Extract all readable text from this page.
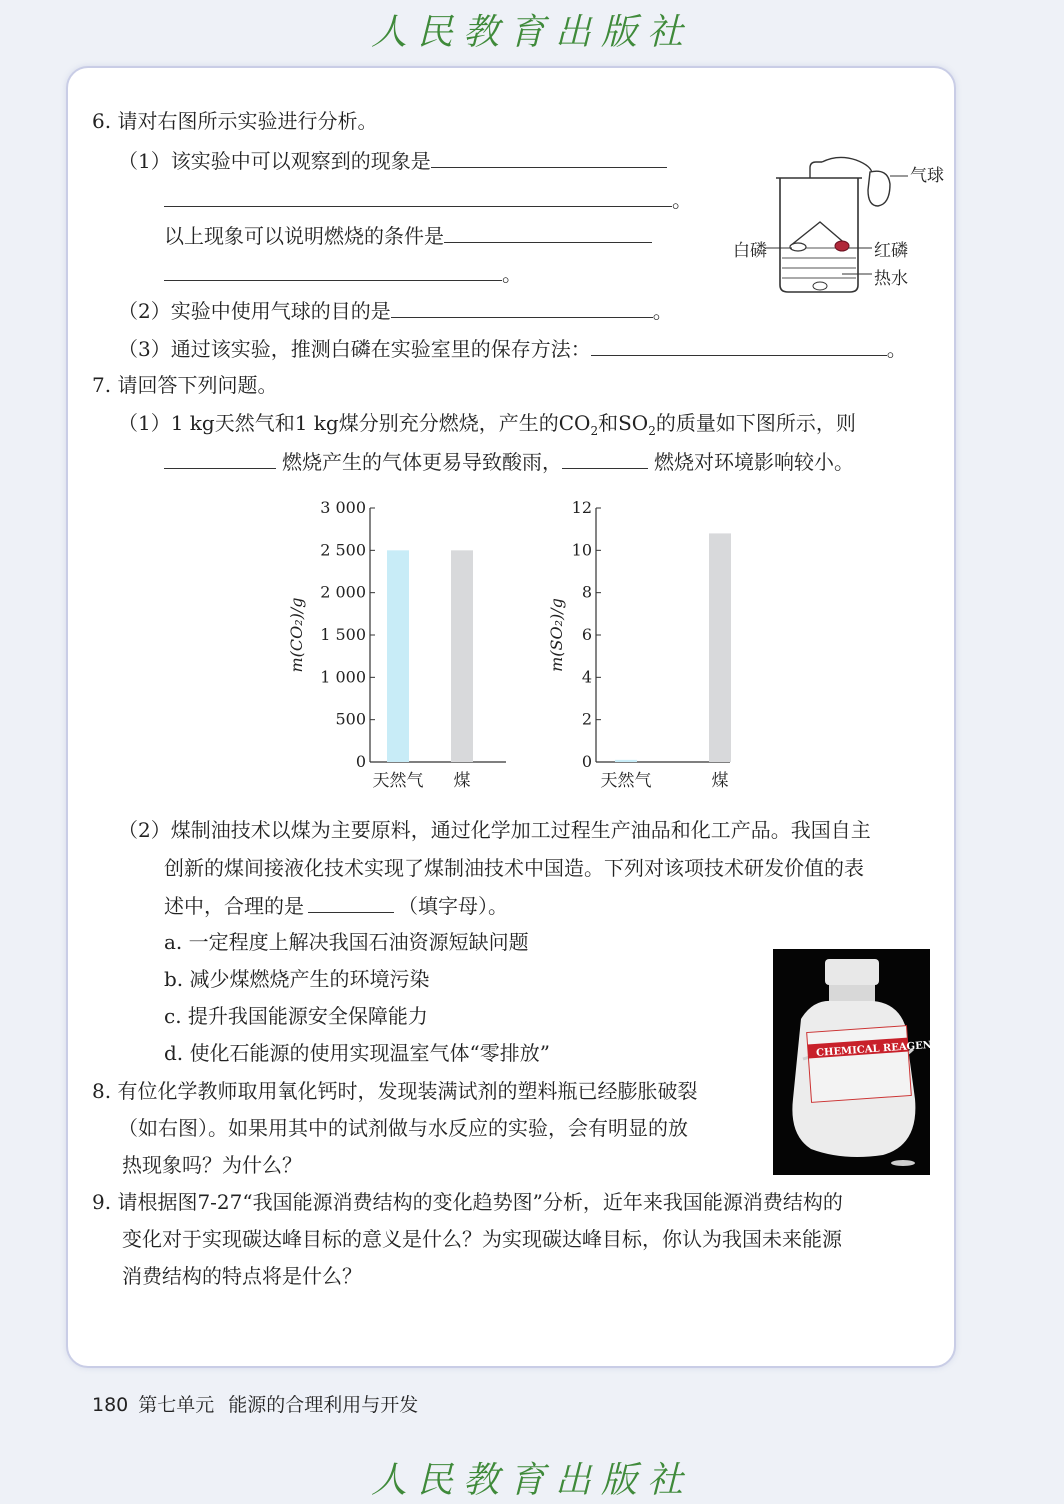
人民教育出版社
6. 请对右图所示实验进行分析。
（1）该实验中可以观察到的现象是
。
以上现象可以说明燃烧的条件是
。
（2）实验中使用气球的目的是	。
（3）通过该实验，推测白磷在实验室里的保存方法：	。
气球
白磷	红磷
热水
7. 请回答下列问题。
（1）1 kg天然气和1 kg煤分别充分燃烧，产生的$CO_2$和$SO_2$的质量如下图所示，则
燃烧产生的气体更易导致酸雨，	燃烧对环境影响较小。
0
500
1 000
1 500
2 000
2 500
3 000
天然气 煤
m(CO₂)/g
0
2
4
6
8
10
12
天然气	煤
m(SO₂)/g
（2）煤制油技术以煤为主要原料，通过化学加工过程生产油品和化工产品。我国自主
创新的煤间接液化技术实现了煤制油技术中国造。下列对该项技术研发价值的表
述中，合理的是	（填字母）。
a. 一定程度上解决我国石油资源短缺问题
b. 减少煤燃烧产生的环境污染
c. 提升我国能源安全保障能力
d. 使化石能源的使用实现温室气体“零排放”	CHEMICAL REAGENT
8. 有位化学教师取用氧化钙时，发现装满试剂的塑料瓶已经膨胀破裂
（如右图）。如果用其中的试剂做与水反应的实验，会有明显的放
热现象吗？为什么？
9. 请根据图7-27“我国能源消费结构的变化趋势图”分析，近年来我国能源消费结构的
变化对于实现碳达峰目标的意义是什么？为实现碳达峰目标，你认为我国未来能源
消费结构的特点将是什么？
180 第七单元 能源的合理利用与开发
人民教育出版社
